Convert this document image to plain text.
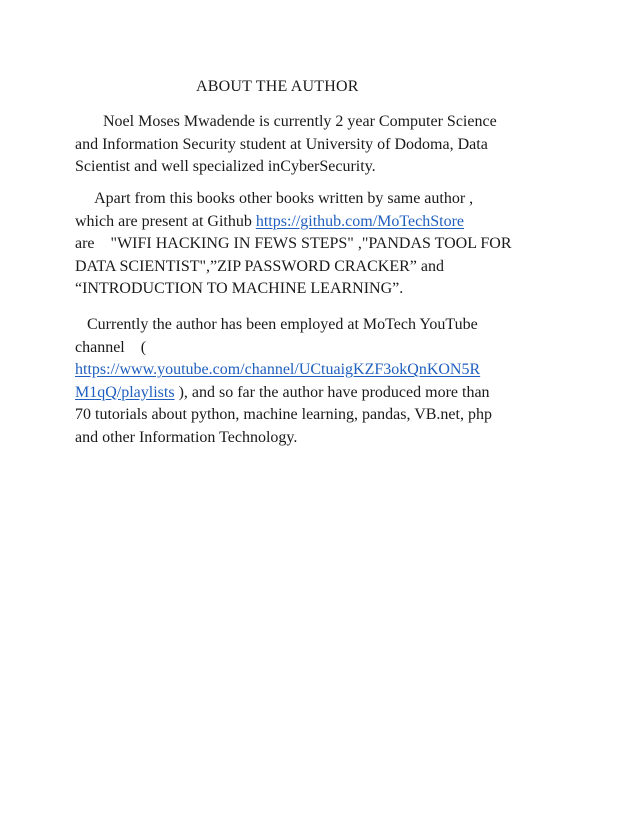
ABOUT THE AUTHOR
Noel Moses Mwadende is currently 2 year Computer Science
and Information Security student at University of Dodoma, Data
Scientist and well specialized inCyberSecurity.
Apart from this books other books written by same author ,
which are present at Github https://github.com/MoTechStore
are    "WIFI HACKING IN FEWS STEPS" ,"PANDAS TOOL FOR
DATA SCIENTIST",”ZIP PASSWORD CRACKER” and
“INTRODUCTION TO MACHINE LEARNING”.
Currently the author has been employed at MoTech YouTube
channel    (
https://www.youtube.com/channel/UCtuaigKZF3okQnKON5R
M1qQ/playlists ), and so far the author have produced more than
70 tutorials about python, machine learning, pandas, VB.net, php
and other Information Technology.
